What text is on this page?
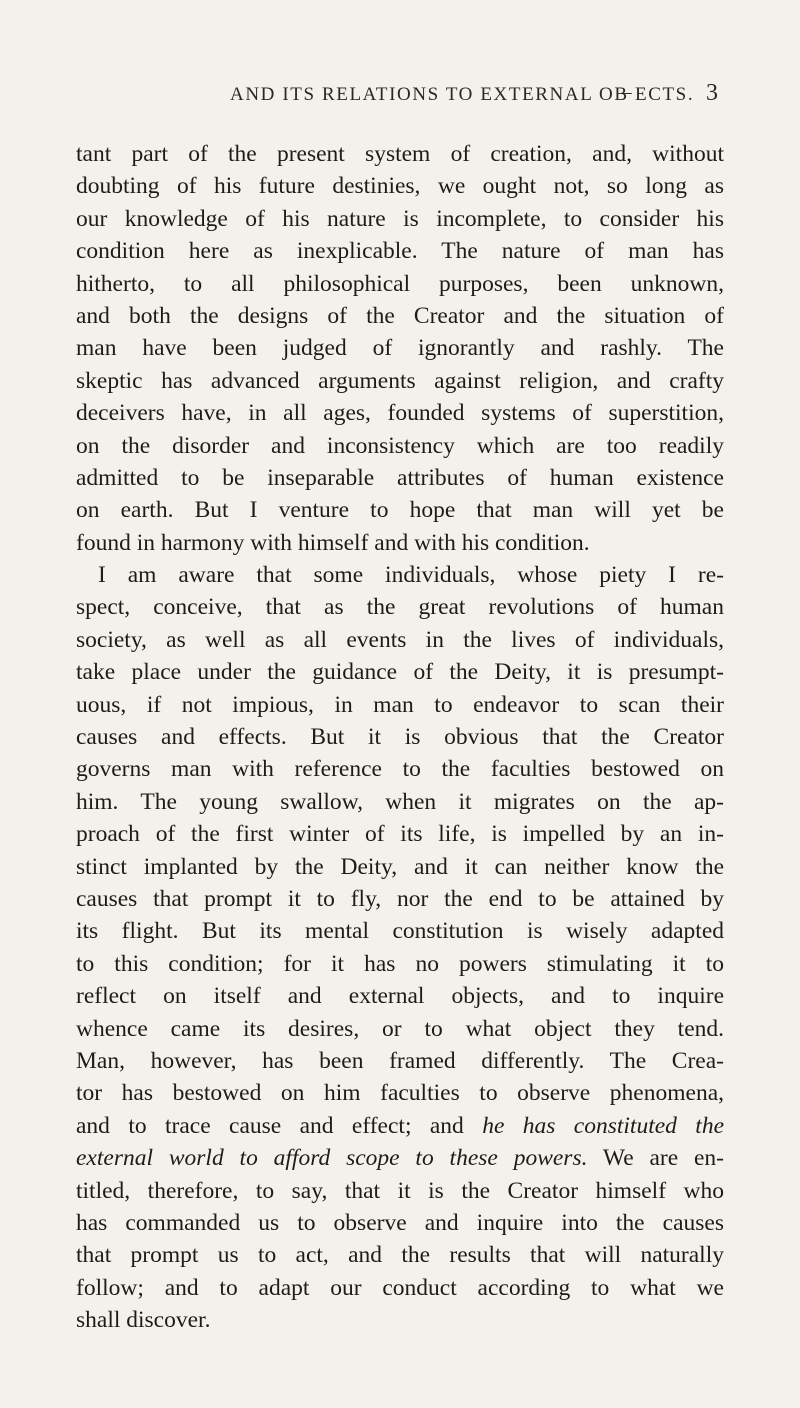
AND ITS RELATIONS TO EXTERNAL OB̶ ECTS. 3
tant part of the present system of creation, and, without
doubting of his future destinies, we ought not, so long as
our knowledge of his nature is incomplete, to consider his
condition here as inexplicable. The nature of man has
hitherto, to all philosophical purposes, been unknown,
and both the designs of the Creator and the situation of
man have been judged of ignorantly and rashly. The
skeptic has advanced arguments against religion, and crafty
deceivers have, in all ages, founded systems of superstition,
on the disorder and inconsistency which are too readily
admitted to be inseparable attributes of human existence
on earth. But I venture to hope that man will yet be
found in harmony with himself and with his condition.
I am aware that some individuals, whose piety I re-
spect, conceive, that as the great revolutions of human
society, as well as all events in the lives of individuals,
take place under the guidance of the Deity, it is presumpt-
uous, if not impious, in man to endeavor to scan their
causes and effects. But it is obvious that the Creator
governs man with reference to the faculties bestowed on
him. The young swallow, when it migrates on the ap-
proach of the first winter of its life, is impelled by an in-
stinct implanted by the Deity, and it can neither know the
causes that prompt it to fly, nor the end to be attained by
its flight. But its mental constitution is wisely adapted
to this condition; for it has no powers stimulating it to
reflect on itself and external objects, and to inquire
whence came its desires, or to what object they tend.
Man, however, has been framed differently. The Crea-
tor has bestowed on him faculties to observe phenomena,
and to trace cause and effect; and he has constituted the
external world to afford scope to these powers. We are en-
titled, therefore, to say, that it is the Creator himself who
has commanded us to observe and inquire into the causes
that prompt us to act, and the results that will naturally
follow; and to adapt our conduct according to what we
shall discover.
